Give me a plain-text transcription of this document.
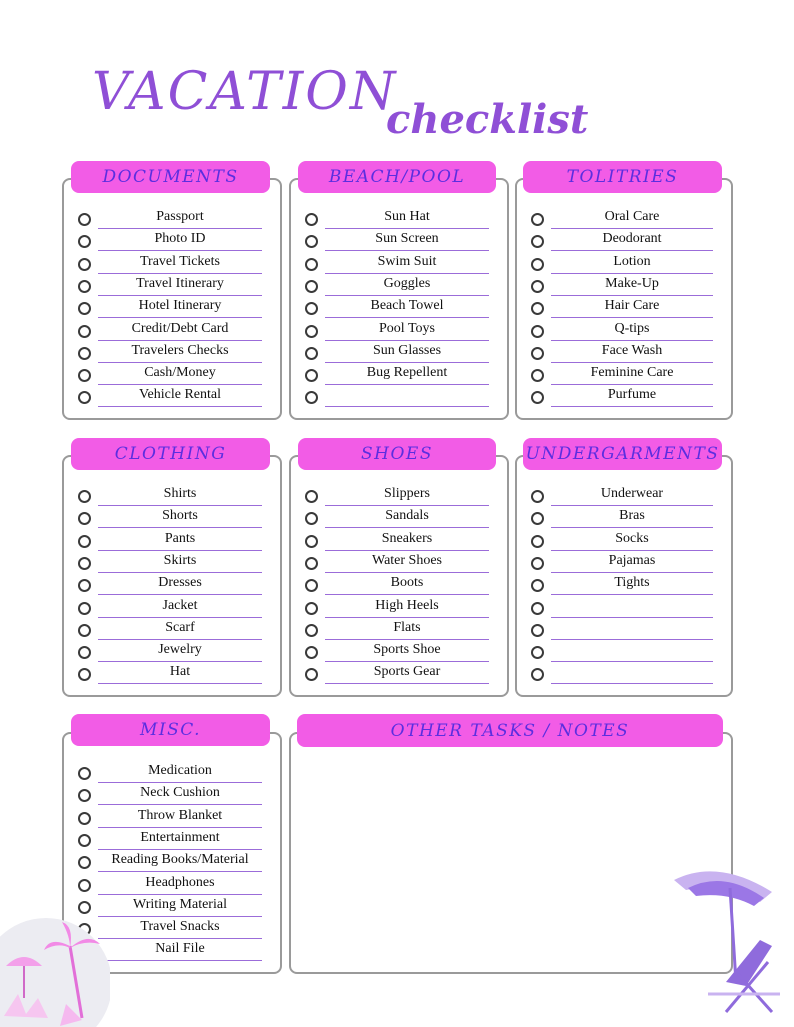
VACATION
checklist
DOCUMENTS
Passport
Photo ID
Travel Tickets
Travel Itinerary
Hotel Itinerary
Credit/Debt Card
Travelers Checks
Cash/Money
Vehicle Rental
BEACH/POOL
Sun Hat
Sun Screen
Swim Suit
Goggles
Beach Towel
Pool Toys
Sun Glasses
Bug Repellent
TOLITRIES
Oral Care
Deodorant
Lotion
Make-Up
Hair Care
Q-tips
Face Wash
Feminine Care
Purfume
CLOTHING
Shirts
Shorts
Pants
Skirts
Dresses
Jacket
Scarf
Jewelry
Hat
SHOES
Slippers
Sandals
Sneakers
Water Shoes
Boots
High Heels
Flats
Sports Shoe
Sports Gear
UNDERGARMENTS
Underwear
Bras
Socks
Pajamas
Tights
MISC.
Medication
Neck Cushion
Throw Blanket
Entertainment
Reading Books/Material
Headphones
Writing Material
Travel Snacks
Nail File
OTHER TASKS / NOTES
